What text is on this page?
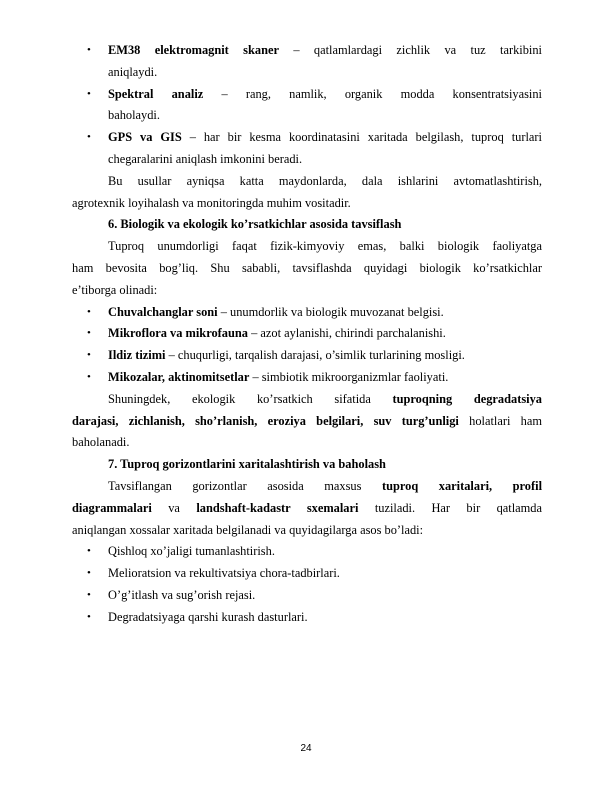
• EM38 elektromagnit skaner – qatlamlardagi zichlik va tuz tarkibini

aniqlaydi.

• Spektral analiz – rang, namlik, organik modda konsentratsiyasini

baholaydi.

• GPS va GIS – har bir kesma koordinatasini xaritada belgilash, tuproq turlari

chegaralarini aniqlash imkonini beradi.

Bu usullar ayniqsa katta maydonlarda, dala ishlarini avtomatlashtirish,

agrotexnik loyihalash va monitoringda muhim vositadir.

6. Biologik va ekologik ko’rsatkichlar asosida tavsiflash

Tuproq unumdorligi faqat fizik-kimyoviy emas, balki biologik faoliyatga

ham bevosita bog’liq. Shu sababli, tavsiflashda quyidagi biologik ko’rsatkichlar

e’tiborga olinadi:

• Chuvalchanglar soni – unumdorlik va biologik muvozanat belgisi.

• Mikroflora va mikrofauna – azot aylanishi, chirindi parchalanishi.

• Ildiz tizimi – chuqurligi, tarqalish darajasi, o’simlik turlarining mosligi.

• Mikozalar, aktinomitsetlar – simbiotik mikroorganizmlar faoliyati.

Shuningdek, ekologik ko’rsatkich sifatida tuproqning degradatsiya

darajasi, zichlanish, sho’rlanish, eroziya belgilari, suv turg’unligi holatlari ham

baholanadi.

7. Tuproq gorizontlarini xaritalashtirish va baholash

Tavsiflangan gorizontlar asosida maxsus tuproq xaritalari, profil

diagrammalari va landshaft-kadastr sxemalari tuziladi. Har bir qatlamda

aniqlangan xossalar xaritada belgilanadi va quyidagilarga asos bo’ladi:

• Qishloq xo’jaligi tumanlashtirish.

• Melioratsion va rekultivatsiya chora-tadbirlari.

• O’g’itlash va sug’orish rejasi.

• Degradatsiyaga qarshi kurash dasturlari.

24
